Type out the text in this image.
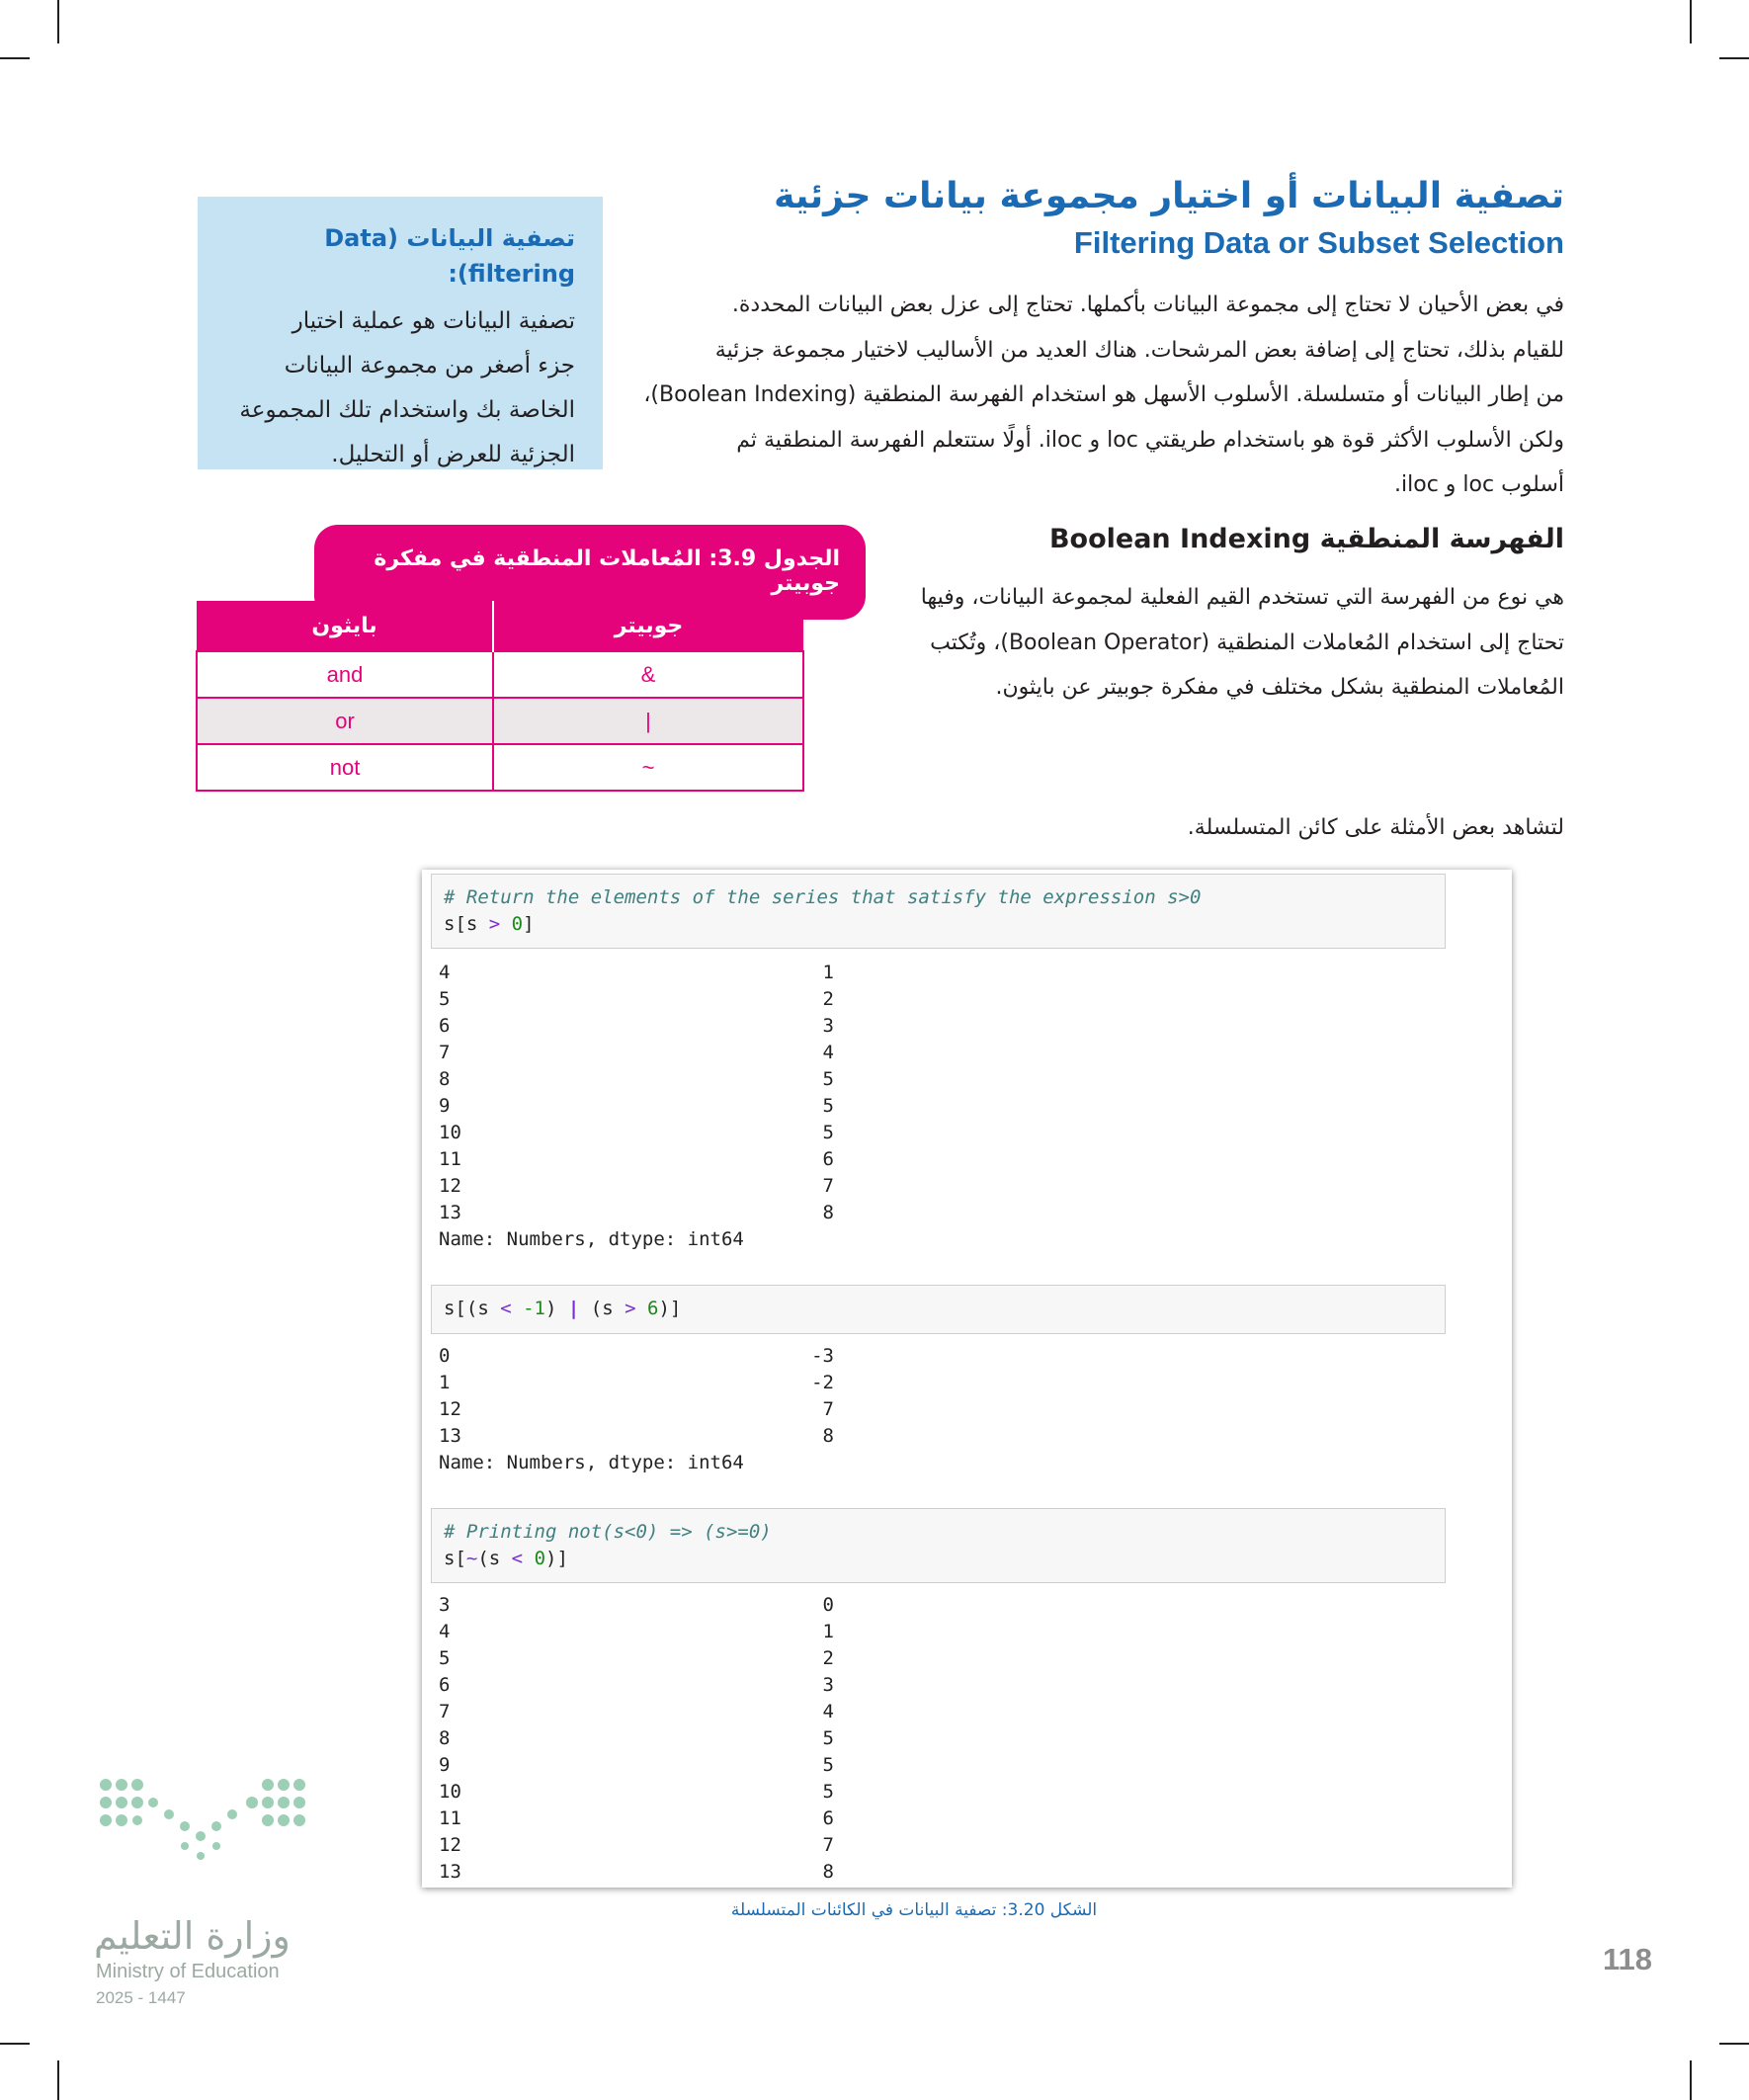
تصفية البيانات أو اختيار مجموعة بيانات جزئية
Filtering Data or Subset Selection

في بعض الأحيان لا تحتاج إلى مجموعة البيانات بأكملها. تحتاج إلى عزل بعض البيانات المحددة.

للقيام بذلك، تحتاج إلى إضافة بعض المرشحات. هناك العديد من الأساليب لاختيار مجموعة جزئية

من إطار البيانات أو متسلسلة. الأسلوب الأسهل هو استخدام الفهرسة المنطقية (Boolean Indexing)،

ولكن الأسلوب الأكثر قوة هو باستخدام طريقتي loc و iloc. أولًا ستتعلم الفهرسة المنطقية ثم

أسلوب loc و iloc.

تصفية البيانات (Data filtering):
تصفية البيانات هو عملية اختيار
جزء أصغر من مجموعة البيانات
الخاصة بك واستخدام تلك المجموعة
الجزئية للعرض أو التحليل.
الفهرسة المنطقية Boolean Indexing
هي نوع من الفهرسة التي تستخدم القيم الفعلية لمجموعة البيانات، وفيها
تحتاج إلى استخدام المُعاملات المنطقية (Boolean Operator)، وتُكتب
المُعاملات المنطقية بشكل مختلف في مفكرة جوبيتر عن بايثون.
الجدول 3.9: المُعاملات المنطقية في مفكرة جوبيتر
بايثون	جوبيتر
and	&
or	|
not	~
لتشاهد بعض الأمثلة على كائن المتسلسلة.
# Return the elements of the series that satisfy the expression s>0
s[s > 0]
4	1
5	2
6	3
7	4
8	5
9	5
10	5
11	6
12	7
13	8
Name: Numbers, dtype: int64
s[(s < -1) | (s > 6)]
0	-3
1	-2
12	7
13	8
Name: Numbers, dtype: int64
# Printing not(s<0) => (s>=0)
s[~(s < 0)]
3	0
4	1
5	2
6	3
7	4
8	5
9	5
10	5
11	6
12	7
13	8
الشكل 3.20: تصفية البيانات في الكائنات المتسلسلة
118
وزارة التعليم
Ministry of Education
2025 - 1447
